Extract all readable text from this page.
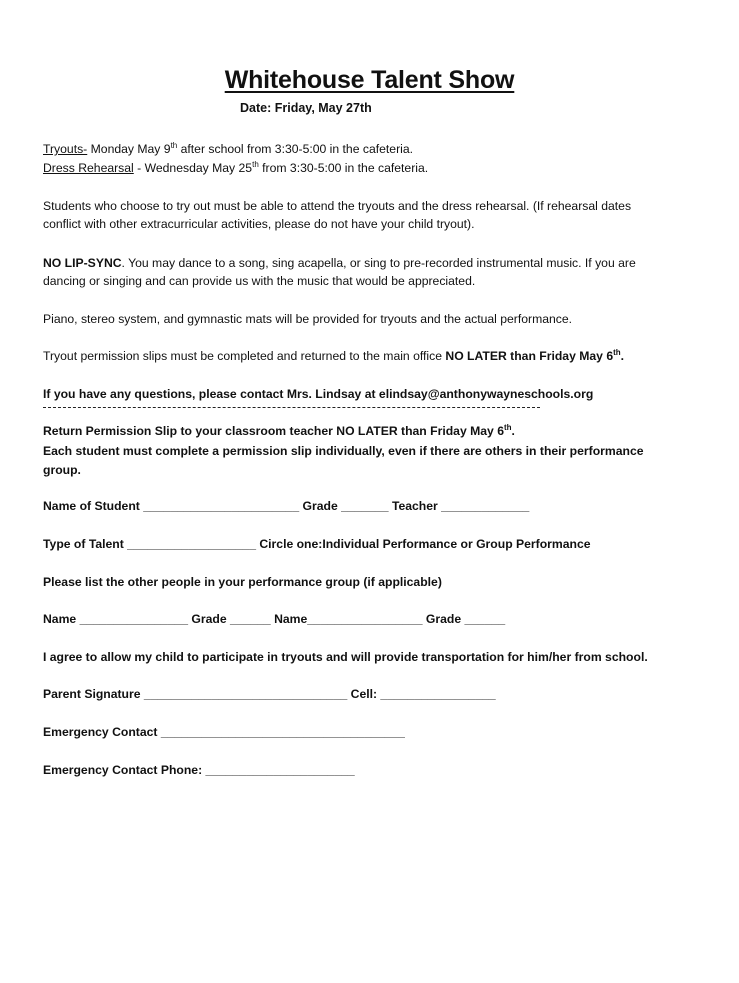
Whitehouse Talent Show
Date: Friday, May 27th
Tryouts- Monday May 9th after school from 3:30-5:00 in the cafeteria.
Dress Rehearsal - Wednesday May 25th from 3:30-5:00 in the cafeteria.
Students who choose to try out must be able to attend the tryouts and the dress rehearsal. (If rehearsal dates
conflict with other extracurricular activities, please do not have your child tryout).
NO LIP-SYNC. You may dance to a song, sing acapella, or sing to pre-recorded instrumental music. If you are
dancing or singing and can provide us with the music that would be appreciated.
Piano, stereo system, and gymnastic mats will be provided for tryouts and the actual performance.
Tryout permission slips must be completed and returned to the main office NO LATER than Friday May 6th.
If you have any questions, please contact Mrs. Lindsay at elindsay@anthonywayneschools.org
Return Permission Slip to your classroom teacher NO LATER than Friday May 6th.
Each student must complete a permission slip individually, even if there are others in their performance
group.
Name of Student _______________________ Grade _______ Teacher _____________
Type of Talent ___________________ Circle one:Individual Performance or Group Performance
Please list the other people in your performance group (if applicable)
Name ________________ Grade ______ Name_________________ Grade ______
I agree to allow my child to participate in tryouts and will provide transportation for him/her from school.
Parent Signature ______________________________ Cell: _________________
Emergency Contact ____________________________________
Emergency Contact Phone: ______________________
